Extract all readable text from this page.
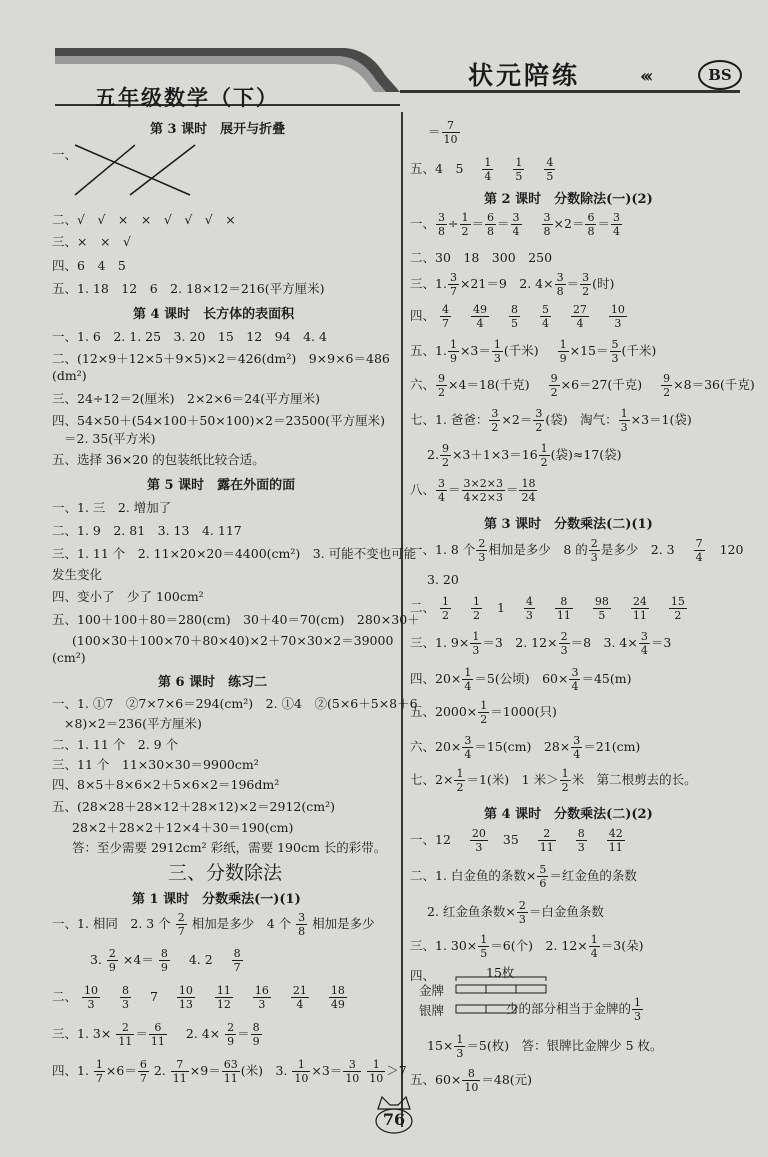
五年级数学（下）
状元陪练	‹‹‹	BS
第 3 课时　展开与折叠
一、
二、√　√　×　×　√　√　√　×
三、×　×　√
四、6　4　5
五、1. 18　12　6　2. 18×12＝216(平方厘米)
第 4 课时　长方体的表面积
一、1. 6　2. 1. 25　3. 20　15　12　94　4. 4
二、(12×9＋12×5＋9×5)×2＝426(dm²)　9×9×6＝486
(dm²)
三、24÷12＝2(厘米)　2×2×6＝24(平方厘米)
四、54×50＋(54×100＋50×100)×2＝23500(平方厘米)
＝2. 35(平方米)
五、选择 36×20 的包装纸比较合适。
第 5 课时　露在外面的面
一、1. 三　2. 增加了
二、1. 9　2. 81　3. 13　4. 117
三、1. 11 个　2. 11×20×20＝4400(cm²)　3. 可能不变也可能
发生变化
四、变小了　少了 100cm²
五、100＋100＋80＝280(cm)　30＋40＝70(cm)　280×30＋
(100×30＋100×70＋80×40)×2＋70×30×2＝39000
(cm²)
第 6 课时　练习二
一、1. ①7　②7×7×6＝294(cm²)　2. ①4　②(5×6＋5×8＋6
×8)×2＝236(平方厘米)
二、1. 11 个　2. 9 个
三、11 个　11×30×30＝9900cm²
四、8×5＋8×6×2＋5×6×2＝196dm²
五、(28×28＋28×12＋28×12)×2＝2912(cm²)
28×2＋28×2＋12×4＋30＝190(cm)
答：至少需要 2912cm² 彩纸，需要 190cm 长的彩带。
三、分数除法
第 1 课时　分数乘法(一)(1)
一、1. 相同　2. 3 个 $\frac{2}{7}$ 相加是多少　4 个 $\frac{3}{8}$ 相加是多少
3. $\frac{2}{9} \times 4= \frac{8}{9} 4$. $2 \frac{8}{7}$
二、 $\frac{10}{3}$
$\frac{8}{3} 7 \frac{10}{13}$
$\frac{11}{12}$
$\frac{16}{3}$
$\frac{21}{4}$
$\frac{18}{49}$
三、1. $3\times \frac{2}{11} = \frac{6}{11} 2$. $4\times \frac{2}{9} = \frac{8}{9}$
四、1. $\frac{1}{7} \times 6= \frac{6}{7} 2$. $\frac{7}{11} \times 9= \frac{63}{11}$ (米)　3. $\frac{1}{10} \times 3= \frac{3}{10}$
$\frac{1}{10} >7$
＝ $\frac{7}{10}$
五、4　$5 \frac{1}{4}$
$\frac{1}{5}$
$\frac{4}{5}$
第 2 课时　分数除法(一)(2)
一、 $\frac{3}{8} \div \frac{1}{2} = \frac{6}{8} = \frac{3}{4}$
$\frac{3}{8} \times 2= \frac{6}{8} = \frac{3}{4}$
二、30　18　300　250
三、1. $\frac{3}{7} \times 21=9$　2. $4\times \frac{3}{8} = \frac{3}{2}$ (时)
四、 $\frac{4}{7}$
$\frac{49}{4}$
$\frac{8}{5}$
$\frac{5}{4}$
$\frac{27}{4}$
$\frac{10}{3}$
五、1. $\frac{1}{9} \times 3= \frac{1}{3}$ (千米) $\frac{1}{9} \times 15= \frac{5}{3}$ (千米)
六、 $\frac{9}{2} \times 4=18$(千克) $\frac{9}{2} \times 6=27$(千克) $\frac{9}{2} \times 8=36$(千克)
七、1. 爸爸： $\frac{3}{2} \times 2= \frac{3}{2}$ (袋)　淘气： $\frac{1}{3} \times 3=1$(袋)
2. $\frac{9}{2} \times 3+1\times 3=16 \frac{1}{2}$ (袋)≈17(袋)
八、 $\frac{3}{4} = \frac{3\times 2\times 3}{4\times 2\times 3} = \frac{18}{24}$
第 3 课时　分数乘法(二)(1)
一、1. 8 个 $\frac{2}{3}$ 相加是多少　8 的 $\frac{2}{3}$ 是多少　2. $3 \frac{7}{4} 120$
3. 20
二、 $\frac{1}{2}$
$\frac{1}{2} 1 \frac{4}{3}$
$\frac{8}{11}$
$\frac{98}{5}$
$\frac{24}{11}$
$\frac{15}{2}$
三、1. $9\times \frac{1}{3} =3$　2. $12\times \frac{2}{3} =8$　3. $4\times \frac{3}{4} =3$
四、$20\times \frac{1}{4} =5$(公顷)　$60\times \frac{3}{4} =45(m)$
五、$2000\times \frac{1}{2} =1000$(只)
六、$20\times \frac{3}{4} =15(cm)$　$28\times \frac{3}{4} =21(cm)$
七、$2\times \frac{1}{2} =1$(米)　1 米＞ $\frac{1}{2}$ 米　第二根剪去的长。
第 4 课时　分数乘法(二)(2)
一、$12 \frac{20}{3} 35 \frac{2}{11}$
$\frac{8}{3}$
$\frac{42}{11}$
二、1. 白金鱼的条数× $\frac{5}{6}$ ＝红金鱼的条数
2. 红金鱼条数× $\frac{2}{3}$ ＝白金鱼条数
三、1. $30\times \frac{1}{5} =6$(个)　2. $12\times \frac{1}{4} =3$(朵)
四、
金牌
银牌
15枚
少的部分相当于金牌的 $\frac{1}{3}$
$15\times \frac{1}{3} =5$(枚)　答：银牌比金牌少 5 枚。
五、$60\times \frac{8}{10} =48$(元)
76
